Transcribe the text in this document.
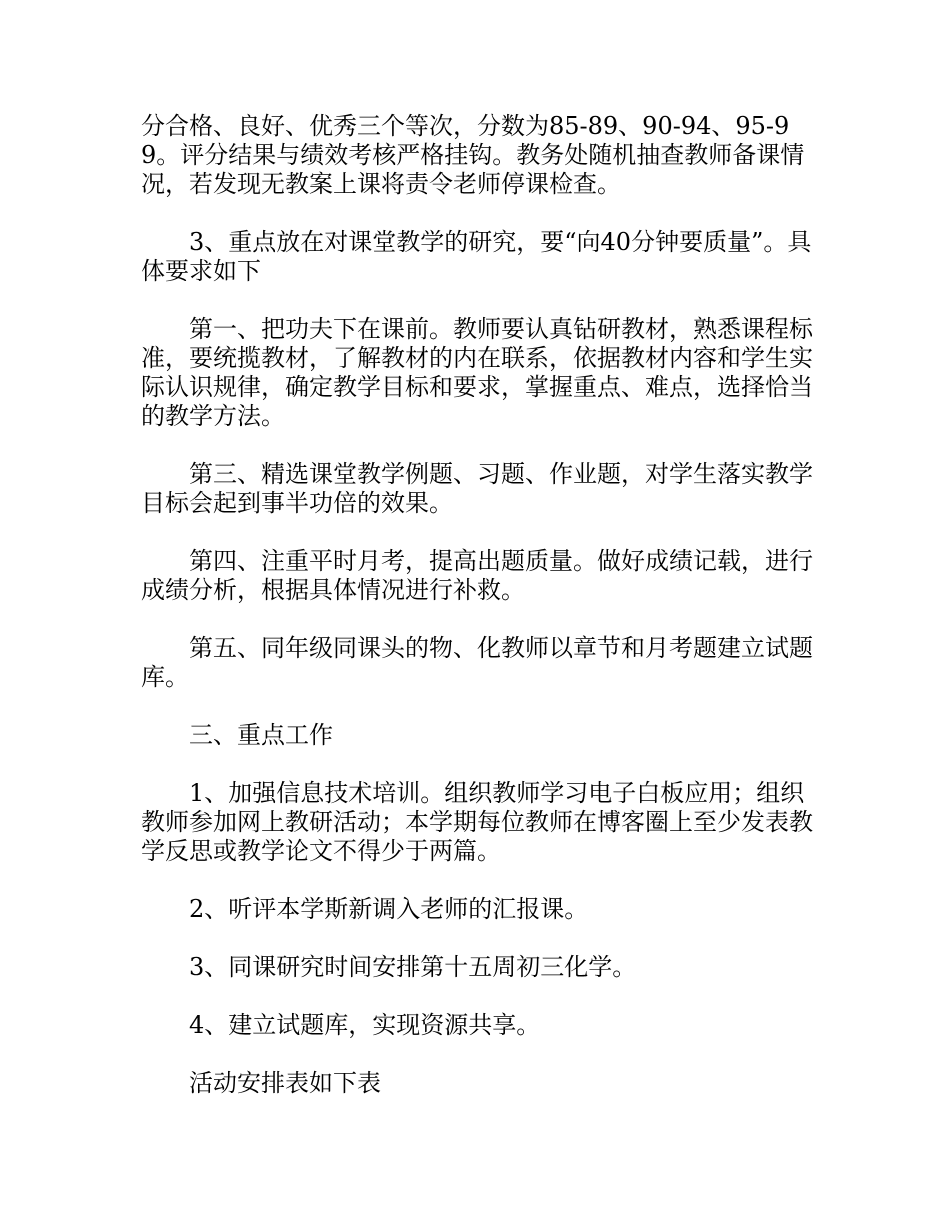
分合格、良好、优秀三个等次，分数为85-89、90-94、95-99。评分结果与绩效考核严格挂钩。教务处随机抽查教师备课情况，若发现无教案上课将责令老师停课检查。

3、重点放在对课堂教学的研究，要“向40分钟要质量”。具体要求如下

第一、把功夫下在课前。教师要认真钻研教材，熟悉课程标准，要统揽教材，了解教材的内在联系，依据教材内容和学生实际认识规律，确定教学目标和要求，掌握重点、难点，选择恰当的教学方法。

第三、精选课堂教学例题、习题、作业题，对学生落实教学目标会起到事半功倍的效果。

第四、注重平时月考，提高出题质量。做好成绩记载，进行成绩分析，根据具体情况进行补救。

第五、同年级同课头的物、化教师以章节和月考题建立试题库。

三、重点工作

1、加强信息技术培训。组织教师学习电子白板应用；组织教师参加网上教研活动；本学期每位教师在博客圈上至少发表教学反思或教学论文不得少于两篇。

2、听评本学斯新调入老师的汇报课。

3、同课研究时间安排第十五周初三化学。

4、建立试题库，实现资源共享。

活动安排表如下表
